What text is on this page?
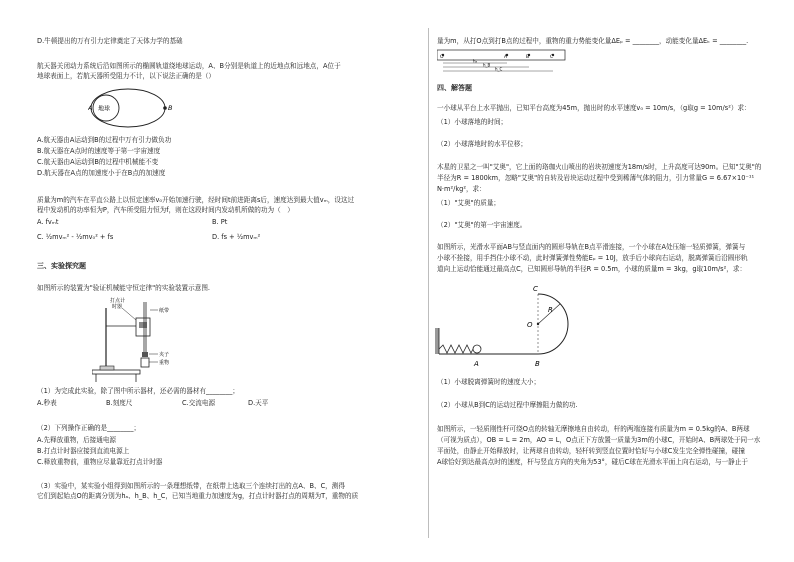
D.牛顿提出的万有引力定律奠定了天体力学的基础
航天器关闭动力系统后沿如图所示的椭圆轨道绕地球运动，A、B分别是轨道上的近地点和远地点，A位于
地球表面上，若航天器所受阻力不计，以下说法正确的是（）
地球
A	B
A.航天器由A运动到B的过程中万有引力做负功
B.航天器在A点时的速度等于第一宇宙速度
C.航天器由A运动到B的过程中机械能不变
D.航天器在A点的加速度小于在B点的加速度
质量为m的汽车在平直公路上以恒定速率v₀开始加速行驶，经时间t前进距离s后，速度达到最大值vₘ，设这过
程中发动机的功率恒为P，汽车所受阻力恒为f，则在这段时间内发动机所做的功为（　）
A. fvₘt	B. Pt
C. ½mvₘ² - ½mv₀² + fs	D. fs + ½mvₘ²
三、实验探究题
如图所示的装置为"验证机械能守恒定律"的实验装置示意图.
打点计
时器
纸带
夹子
重物
（1）为完成此实验，除了图中所示器材，还必需的器材有________；
A.秒表	B.刻度尺	C.交流电源	D.天平
（2）下列操作正确的是________；
A.先释放重物，后接通电源
B.打点计时器应接到直流电源上
C.释放重物前，重物应尽量靠近打点计时器
（3）实验中，某实验小组得到如图所示的一条理想纸带，在纸带上选取三个连续打出的点A、B、C，测得
它们到起始点O的距离分别为hₐ、h_B、h_C，已知当地重力加速度为g，打点计时器打点的周期为T，重物的质
量为m，从打O点到打B点的过程中，重物的重力势能变化量ΔEₚ = ________，动能变化量ΔEₖ = ________.
O	A	B	C
hₐ
h_B
h_C
四、解答题
一小球从平台上水平抛出，已知平台高度为45m，抛出时的水平速度v₀ = 10m/s，（g取g = 10m/s²）求：
（1）小球落地的时间；
（2）小球落地时的水平位移；
木星的卫星之一叫"艾奥"，它上面的珞珈火山喷出的岩块初速度为18m/s时，上升高度可达90m。已知"艾奥"的
半径为R = 1800km，忽略"艾奥"的自转及岩块运动过程中受到稀薄气体的阻力，引力常量G = 6.67×10⁻¹¹
N·m²/kg²，求：
（1）"艾奥"的质量；
（2）"艾奥"的第一宇宙速度。
如图所示，光滑水平面AB与竖直面内的圆形导轨在B点平滑连接，一个小球在A处压缩一轻质弹簧，弹簧与
小球不拴接，用手挡住小球不动，此时弹簧弹性势能Eₚ = 10J，放手后小球向右运动，脱离弹簧后沿圆形轨
道向上运动恰能通过最高点C，已知圆形导轨的半径R = 0.5m，小球的质量m = 3kg，g取10m/s²，求：
C
O
R
A	B
（1）小球脱离弹簧时的速度大小；
（2）小球从B到C的运动过程中摩擦阻力做的功.
如图所示，一轻质刚性杆可绕O点的转轴无摩擦地自由转动，杆的两端连接有质量为m = 0.5kg的A、B两球
（可视为质点），OB = L = 2m，AO = L，O点正下方放置一质量为3m的小球C，开始时A、B两球处于同一水
平面处，由静止开始释放时，让两球自由转动，轻杆转到竖直位置时恰好与小球C发生完全弹性碰撞，碰撞
A球恰好到达最高点时的速度，杆与竖直方向的夹角为53°，碰后C球在光滑水平面上向右运动，与一静止于
